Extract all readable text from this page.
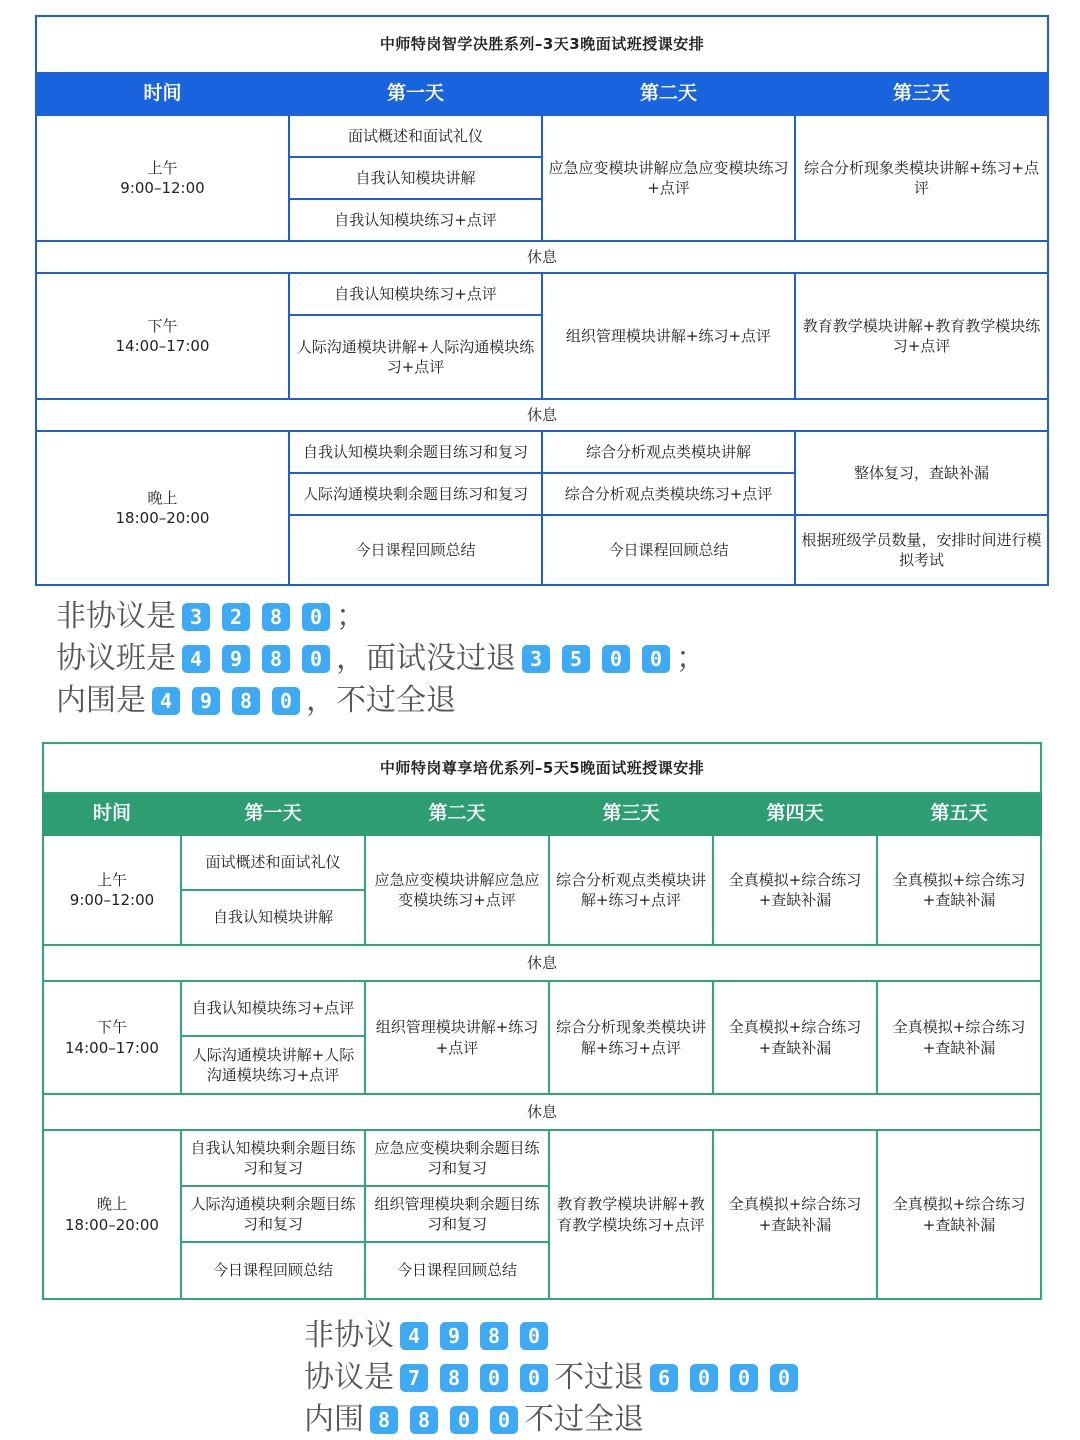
中师特岗智学决胜系列–3天3晚面试班授课安排			
时间	第一天	第二天	第三天

上午
9:00–12:00	面试概述和面试礼仪	应急应变模块讲解应急应变模块练习+点评	综合分析现象类模块讲解+练习+点评
	自我认知模块讲解		
	自我认知模块练习+点评		
休息			

下午
14:00–17:00	自我认知模块练习+点评	组织管理模块讲解+练习+点评	教育教学模块讲解+教育教学模块练习+点评
	人际沟通模块讲解+人际沟通模块练习+点评		
休息			

晚上
18:00–20:00	自我认知模块剩余题目练习和复习	综合分析观点类模块讲解	整体复习，查缺补漏
	人际沟通模块剩余题目练习和复习	综合分析观点类模块练习+点评	
	今日课程回顾总结	今日课程回顾总结	根据班级学员数量，安排时间进行模拟考试
非协议是 3 2 8 0 ；
协议班是 4 9 8 0 ，面试没过退 3 5 0 0 ；
内围是 4 9 8 0 ，不过全退
中师特岗尊享培优系列–5天5晚面试班授课安排					
时间	第一天	第二天	第三天	第四天	第五天

上午
9:00–12:00	面试概述和面试礼仪	应急应变模块讲解应急应变模块练习+点评	综合分析观点类模块讲解+练习+点评	全真模拟+综合练习+查缺补漏	全真模拟+综合练习+查缺补漏
	自我认知模块讲解				
休息					

下午
14:00–17:00	自我认知模块练习+点评	组织管理模块讲解+练习+点评	综合分析现象类模块讲解+练习+点评	全真模拟+综合练习+查缺补漏	全真模拟+综合练习+查缺补漏
	人际沟通模块讲解+人际沟通模块练习+点评				
休息					

晚上
18:00–20:00	自我认知模块剩余题目练习和复习	应急应变模块剩余题目练习和复习	教育教学模块讲解+教育教学模块练习+点评	全真模拟+综合练习+查缺补漏	全真模拟+综合练习+查缺补漏
	人际沟通模块剩余题目练习和复习	组织管理模块剩余题目练习和复习			
	今日课程回顾总结	今日课程回顾总结			
非协议 4 9 8 0
协议是 7 8 0 0 不过退 6 0 0 0
内围 8 8 0 0 不过全退
